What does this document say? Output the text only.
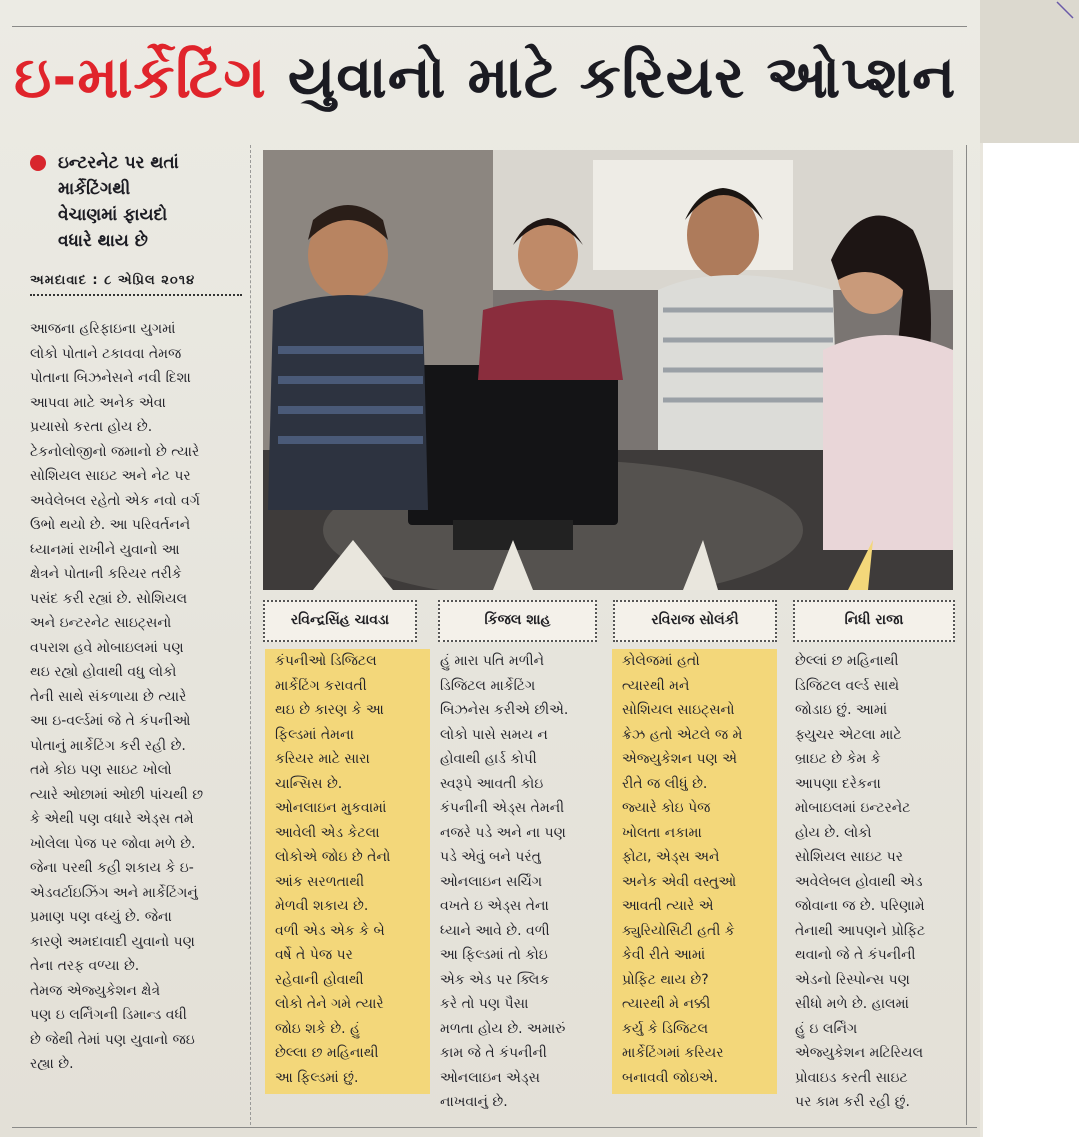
ઇ-માર્કેટિંગ યુવાનો માટે કરિયર ઓપ્શન
ઇન્ટરનેટ પર થતાં
માર્કેટિંગથી
વેચાણમાં ફાયદો
વધારે થાય છે
અમદાવાદ : ૮ એપ્રિલ ૨૦૧૪
આજના હરિફાઇના યુગમાં
લોકો પોતાને ટકાવવા તેમજ
પોતાના બિઝનેસને નવી દિશા
આપવા માટે અનેક એવા
પ્રયાસો કરતા હોય છે.
ટેકનોલોજીનો જમાનો છે ત્યારે
સોશિયલ સાઇટ અને નેટ પર
અવેલેબલ રહેતો એક નવો વર્ગ
ઉભો થયો છે. આ પરિવર્તનને
ધ્યાનમાં રાખીને યુવાનો આ
ક્ષેત્રને પોતાની કરિયર તરીકે
પસંદ કરી રહ્યાં છે. સોશિયલ
અને ઇન્ટરનેટ સાઇટ્સનો
વપરાશ હવે મોબાઇલમાં પણ
થઇ રહ્યો હોવાથી વધુ લોકો
તેની સાથે સંકળાયા છે ત્યારે
આ ઇ-વર્લ્ડમાં જે તે કંપનીઓ
પોતાનું માર્કેટિંગ કરી રહી છે.
તમે કોઇ પણ સાઇટ ખોલો
ત્યારે ઓછામાં ઓછી પાંચથી છ
કે એથી પણ વધારે એડ્સ તમે
ખોલેલા પેજ પર જોવા મળે છે.
જેના પરથી કહી શકાય કે ઇ-
એડવર્ટાઇઝિંગ અને માર્કેટિંગનું
પ્રમાણ પણ વધ્યું છે. જેના
કારણે અમદાવાદી યુવાનો પણ
તેના તરફ વળ્યા છે.
તેમજ એજ્યુકેશન ક્ષેત્રે
પણ ઇ લર્નિંગની ડિમાન્ડ વધી
છે જેથી તેમાં પણ યુવાનો જઇ
રહ્યા છે.
રવિન્દ્રસિંહ ચાવડા	કિંજલ શાહ	રવિરાજ સોલંકી	નિધી રાજા
કંપનીઓ ડિજિટલ
માર્કેટિંગ કરાવતી
થઇ છે કારણ કે આ
ફિલ્ડમાં તેમના
કરિયર માટે સારા
ચાન્સિસ છે.
ઓનલાઇન મુકવામાં
આવેલી એડ કેટલા
લોકોએ જોઇ છે તેનો
આંક સરળતાથી
મેળવી શકાય છે.
વળી એડ એક કે બે
વર્ષે તે પેજ પર
રહેવાની હોવાથી
લોકો તેને ગમે ત્યારે
જોઇ શકે છે. હું
છેલ્લા છ મહિનાથી
આ ફિલ્ડમાં છું.
હું મારા પતિ મળીને
ડિજિટલ માર્કેટિંગ
બિઝનેસ કરીએ છીએ.
લોકો પાસે સમય ન
હોવાથી હાર્ડ કોપી
સ્વરૂપે આવતી કોઇ
કંપનીની એડ્સ તેમની
નજરે પડે અને ના પણ
પડે એવું બને પરંતુ
ઓનલાઇન સર્ચિંગ
વખતે ઇ એડ્સ તેના
ધ્યાને આવે છે. વળી
આ ફિલ્ડમાં તો કોઇ
એક એડ પર ક્લિક
કરે તો પણ પૈસા
મળતા હોય છે. અમારું
કામ જે તે કંપનીની
ઓનલાઇન એડ્સ
નાખવાનું છે.
કોલેજમાં હતો
ત્યારથી મને
સોશિયલ સાઇટ્સનો
ક્રેઝ હતો એટલે જ મે
એજ્યુકેશન પણ એ
રીતે જ લીધું છે.
જ્યારે કોઇ પેજ
ખોલતા નકામા
ફોટા, એડ્સ અને
અનેક એવી વસ્તુઓ
આવતી ત્યારે એ
ક્યુરિયોસિટી હતી કે
કેવી રીતે આમાં
પ્રોફિટ થાય છે?
ત્યારથી મે નક્કી
કર્યુ કે ડિજિટલ
માર્કેટિંગમાં કરિયર
બનાવવી જોઇએ.
છેલ્લાં છ મહિનાથી
ડિજિટલ વર્લ્ડ સાથે
જોડાઇ છું. આમાં
ફ્યુચર એટલા માટે
બ્રાઇટ છે કેમ કે
આપણા દરેકના
મોબાઇલમાં ઇન્ટરનેટ
હોય છે. લોકો
સોશિયલ સાઇટ પર
અવેલેબલ હોવાથી એડ
જોવાના જ છે. પરિણામે
તેનાથી આપણને પ્રોફિટ
થવાનો જે તે કંપનીની
એડનો રિસ્પોન્સ પણ
સીધો મળે છે. હાલમાં
હું ઇ લર્નિંગ
એજ્યુકેશન મટિરિયલ
પ્રોવાઇડ કરતી સાઇટ
પર કામ કરી રહી છું.
